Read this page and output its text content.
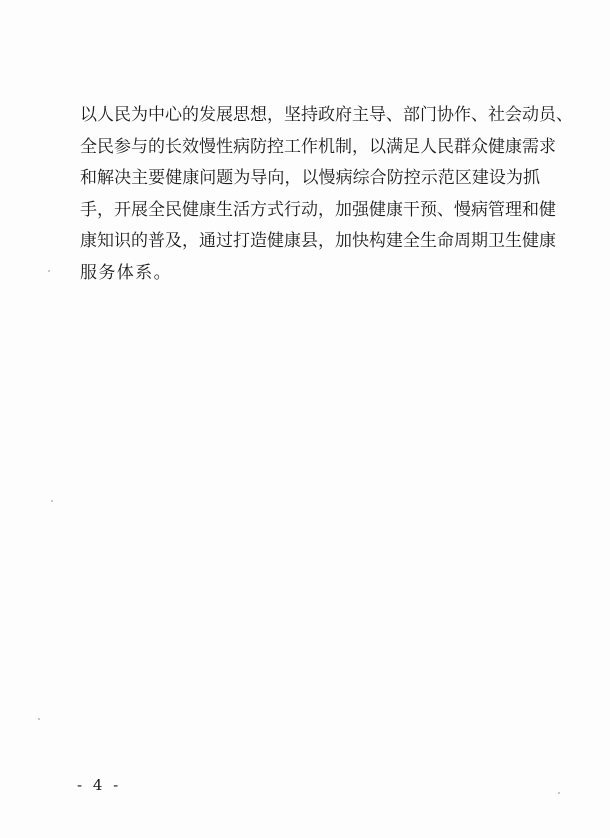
以人民为中心的发展思想，坚持政府主导、部门协作、社会动员、
全民参与的长效慢性病防控工作机制，以满足人民群众健康需求
和解决主要健康问题为导向，以慢病综合防控示范区建设为抓
手，开展全民健康生活方式行动，加强健康干预、慢病管理和健
康知识的普及，通过打造健康县，加快构建全生命周期卫生健康
服务体系。
- 4 -
